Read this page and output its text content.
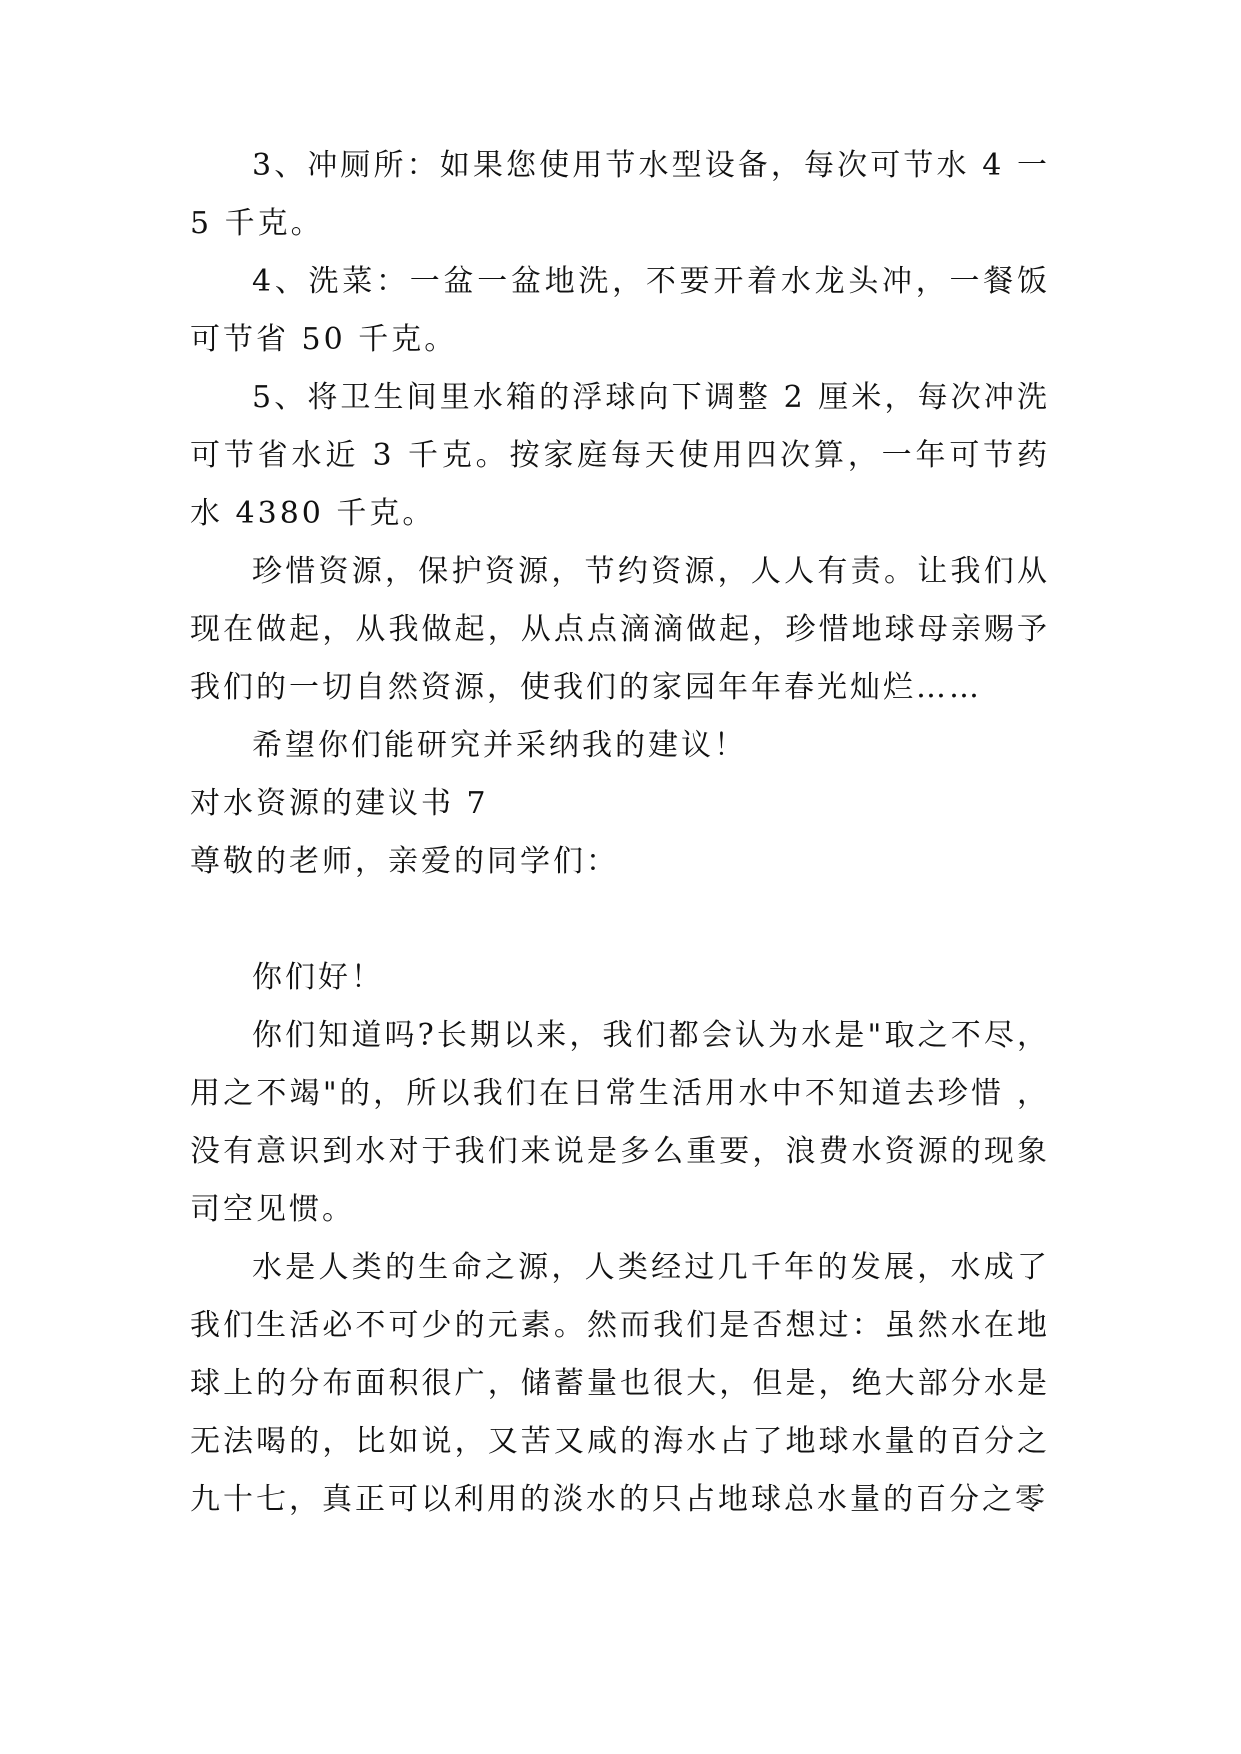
3、冲厕所：如果您使用节水型设备，每次可节水 4 一 5 千克。

4、洗菜：一盆一盆地洗，不要开着水龙头冲，一餐饭可节省 50 千克。

5、将卫生间里水箱的浮球向下调整 2 厘米，每次冲洗可节省水近 3 千克。按家庭每天使用四次算，一年可节药水 4380 千克。

珍惜资源，保护资源，节约资源，人人有责。让我们从现在做起，从我做起，从点点滴滴做起，珍惜地球母亲赐予我们的一切自然资源，使我们的家园年年春光灿烂……

希望你们能研究并采纳我的建议！

对水资源的建议书 7

尊敬的老师，亲爱的同学们：

你们好！

你们知道吗?长期以来，我们都会认为水是"取之不尽，用之不竭"的，所以我们在日常生活用水中不知道去珍惜 ，没有意识到水对于我们来说是多么重要，浪费水资源的现象司空见惯。

水是人类的生命之源，人类经过几千年的发展，水成了我们生活必不可少的元素。然而我们是否想过：虽然水在地球上的分布面积很广，储蓄量也很大，但是，绝大部分水是无法喝的，比如说，又苦又咸的海水占了地球水量的百分之九十七，真正可以利用的淡水的只占地球总水量的百分之零
